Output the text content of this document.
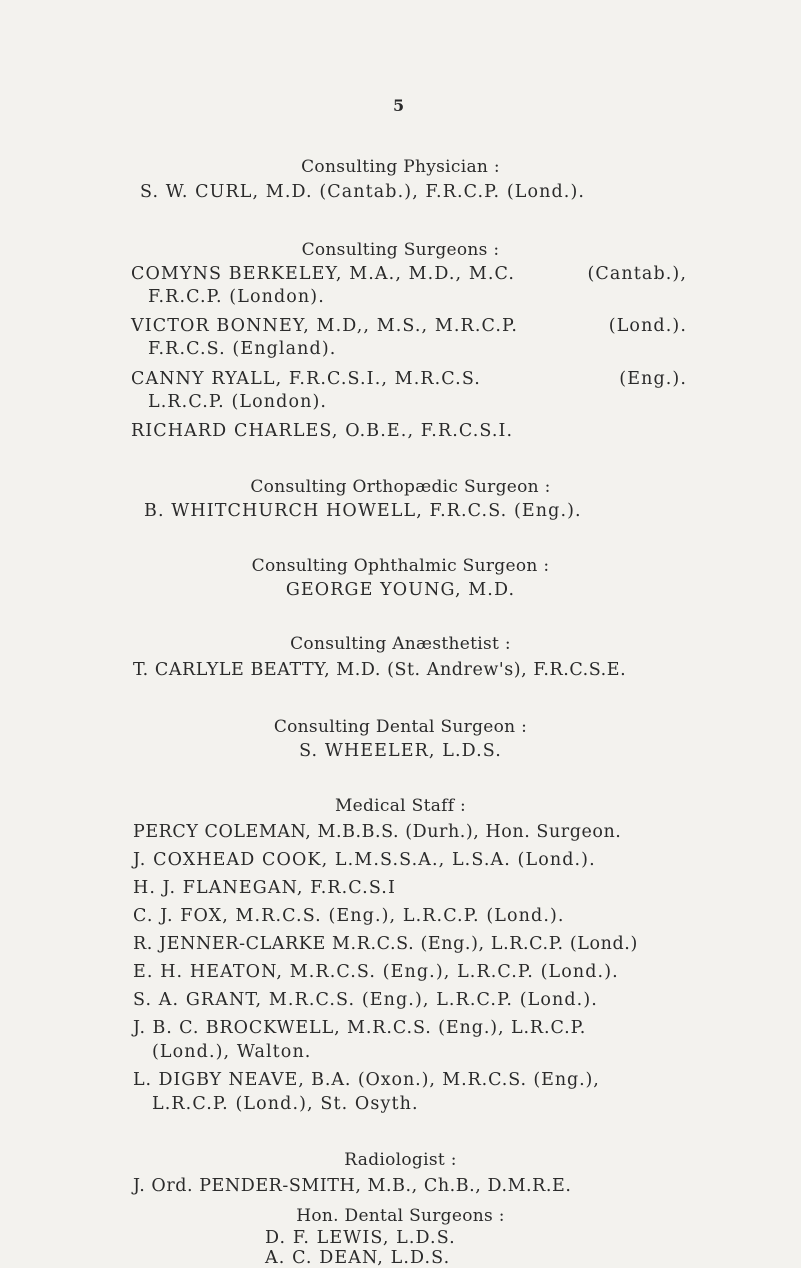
5
Consulting Physician :
S. W. CURL, M.D. (Cantab.), F.R.C.P. (Lond.).
Consulting Surgeons :
COMYNS BERKELEY, M.A., M.D., M.C.	(Cantab.),
F.R.C.P. (London).
VICTOR BONNEY, M.D,, M.S., M.R.C.P.	(Lond.).
F.R.C.S. (England).
CANNY RYALL, F.R.C.S.I., M.R.C.S.	(Eng.).
L.R.C.P. (London).
RICHARD CHARLES, O.B.E., F.R.C.S.I.
Consulting Orthopædic Surgeon :
B. WHITCHURCH HOWELL, F.R.C.S. (Eng.).
Consulting Ophthalmic Surgeon :
GEORGE YOUNG, M.D.
Consulting Anæsthetist :
T. CARLYLE BEATTY, M.D. (St. Andrew's), F.R.C.S.E.
Consulting Dental Surgeon :
S. WHEELER, L.D.S.
Medical Staff :
PERCY COLEMAN, M.B.B.S. (Durh.), Hon. Surgeon.
J. COXHEAD COOK, L.M.S.S.A., L.S.A. (Lond.).
H. J. FLANEGAN, F.R.C.S.I
C. J. FOX, M.R.C.S. (Eng.), L.R.C.P. (Lond.).
R. JENNER-CLARKE M.R.C.S. (Eng.), L.R.C.P. (Lond.)
E. H. HEATON, M.R.C.S. (Eng.), L.R.C.P. (Lond.).
S. A. GRANT, M.R.C.S. (Eng.), L.R.C.P. (Lond.).
J. B. C. BROCKWELL, M.R.C.S. (Eng.), L.R.C.P.
(Lond.), Walton.
L. DIGBY NEAVE, B.A. (Oxon.), M.R.C.S. (Eng.),
L.R.C.P. (Lond.), St. Osyth.
Radiologist :
J. Ord. PENDER-SMITH, M.B., Ch.B., D.M.R.E.
Hon. Dental Surgeons :
D. F. LEWIS, L.D.S.
A. C. DEAN, L.D.S.
